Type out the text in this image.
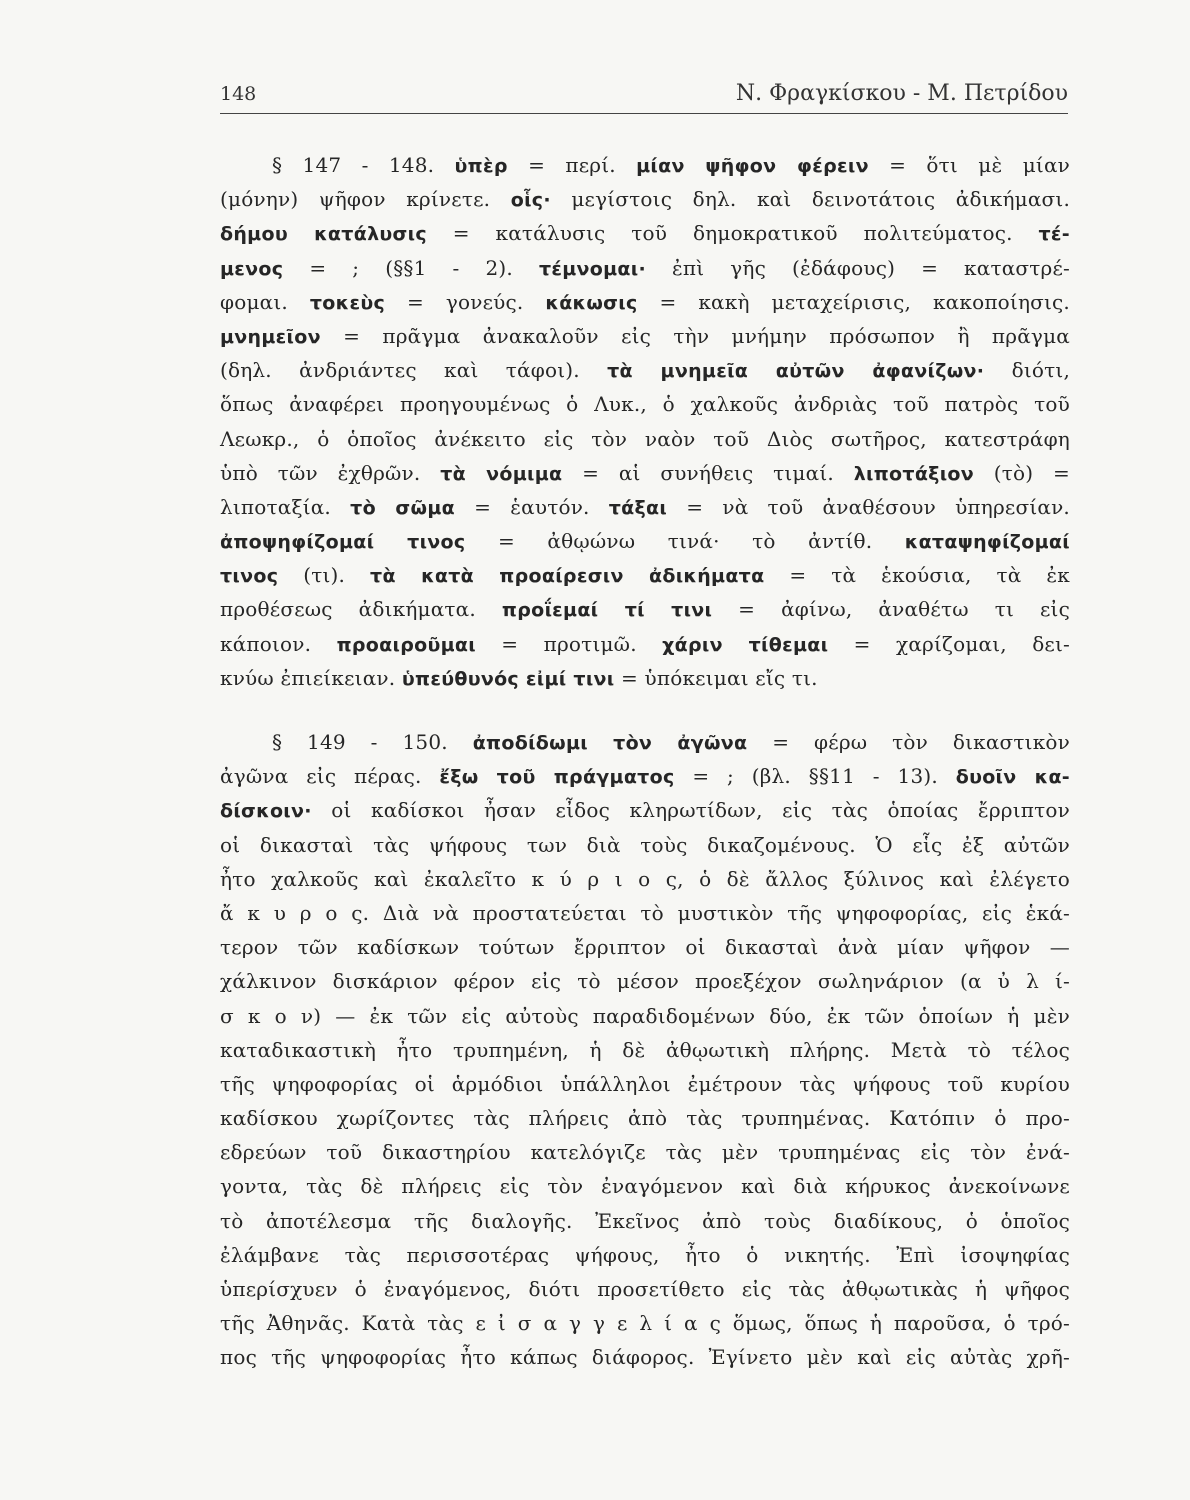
148	Ν. Φραγκίσκου - Μ. Πετρίδου
§ 147 - 148. ὑπὲρ = περί. μίαν ψῆφον φέρειν = ὅτι μὲ μίαν
(μόνην) ψῆφον κρίνετε. οἷς· μεγίστοις δηλ. καὶ δεινοτάτοις ἀδικήμασι.
δήμου κατάλυσις = κατάλυσις τοῦ δημοκρατικοῦ πολιτεύματος. τέ-
μενος = ; (§§1 - 2). τέμνομαι· ἐπὶ γῆς (ἐδάφους) = καταστρέ-
φομαι. τοκεὺς = γονεύς. κάκωσις = κακὴ μεταχείρισις, κακοποίησις.
μνημεῖον = πρᾶγμα ἀνακαλοῦν εἰς τὴν μνήμην πρόσωπον ἢ πρᾶγμα
(δηλ. ἀνδριάντες καὶ τάφοι). τὰ μνημεῖα αὐτῶν ἀφανίζων· διότι,
ὅπως ἀναφέρει προηγουμένως ὁ Λυκ., ὁ χαλκοῦς ἀνδριὰς τοῦ πατρὸς τοῦ
Λεωκρ., ὁ ὁποῖος ἀνέκειτο εἰς τὸν ναὸν τοῦ Διὸς σωτῆρος, κατεστράφη
ὑπὸ τῶν ἐχθρῶν. τὰ νόμιμα = αἱ συνήθεις τιμαί. λιποτάξιον (τὸ) =
λιποταξία. τὸ σῶμα = ἑαυτόν. τάξαι = νὰ τοῦ ἀναθέσουν ὑπηρεσίαν.
ἀποψηφίζομαί τινος = ἀθῳώνω τινά· τὸ ἀντίθ. καταψηφίζομαί
τινος (τι). τὰ κατὰ προαίρεσιν ἀδικήματα = τὰ ἑκούσια, τὰ ἐκ
προθέσεως ἀδικήματα. προΐεμαί τί τινι = ἀφίνω, ἀναθέτω τι εἰς
κάποιον. προαιροῦμαι = προτιμῶ. χάριν τίθεμαι = χαρίζομαι, δει-
κνύω ἐπιείκειαν. ὑπεύθυνός εἰμί τινι = ὑπόκειμαι εἴς τι.
§ 149 - 150. ἀποδίδωμι τὸν ἀγῶνα = φέρω τὸν δικαστικὸν
ἀγῶνα εἰς πέρας. ἔξω τοῦ πράγματος = ; (βλ. §§11 - 13). δυοῖν κα-
δίσκοιν· οἱ καδίσκοι ἦσαν εἶδος κληρωτίδων, εἰς τὰς ὁποίας ἔρριπτον
οἱ δικασταὶ τὰς ψήφους των διὰ τοὺς δικαζομένους. Ὁ εἷς ἐξ αὐτῶν
ἦτο χαλκοῦς καὶ ἐκαλεῖτο κ ύ ρ ι ο ς, ὁ δὲ ἄλλος ξύλινος καὶ ἐλέγετο
ἄ κ υ ρ ο ς. Διὰ νὰ προστατεύεται τὸ μυστικὸν τῆς ψηφοφορίας, εἰς ἑκά-
τερον τῶν καδίσκων τούτων ἔρριπτον οἱ δικασταὶ ἀνὰ μίαν ψῆφον —
χάλκινον δισκάριον φέρον εἰς τὸ μέσον προεξέχον σωληνάριον (α ὐ λ ί-
σ κ ο ν) — ἐκ τῶν εἰς αὐτοὺς παραδιδομένων δύο, ἐκ τῶν ὁποίων ἡ μὲν
καταδικαστικὴ ἦτο τρυπημένη, ἡ δὲ ἀθῳωτικὴ πλήρης. Μετὰ τὸ τέλος
τῆς ψηφοφορίας οἱ ἁρμόδιοι ὑπάλληλοι ἐμέτρουν τὰς ψήφους τοῦ κυρίου
καδίσκου χωρίζοντες τὰς πλήρεις ἀπὸ τὰς τρυπημένας. Κατόπιν ὁ προ-
εδρεύων τοῦ δικαστηρίου κατελόγιζε τὰς μὲν τρυπημένας εἰς τὸν ἐνά-
γοντα, τὰς δὲ πλήρεις εἰς τὸν ἐναγόμενον καὶ διὰ κήρυκος ἀνεκοίνωνε
τὸ ἀποτέλεσμα τῆς διαλογῆς. Ἐκεῖνος ἀπὸ τοὺς διαδίκους, ὁ ὁποῖος
ἐλάμβανε τὰς περισσοτέρας ψήφους, ἦτο ὁ νικητής. Ἐπὶ ἰσοψηφίας
ὑπερίσχυεν ὁ ἐναγόμενος, διότι προσετίθετο εἰς τὰς ἀθῳωτικὰς ἡ ψῆφος
τῆς Ἀθηνᾶς. Κατὰ τὰς ε ἰ σ α γ γ ε λ ί α ς ὅμως, ὅπως ἡ παροῦσα, ὁ τρό-
πος τῆς ψηφοφορίας ἦτο κάπως διάφορος. Ἐγίνετο μὲν καὶ εἰς αὐτὰς χρῆ-
